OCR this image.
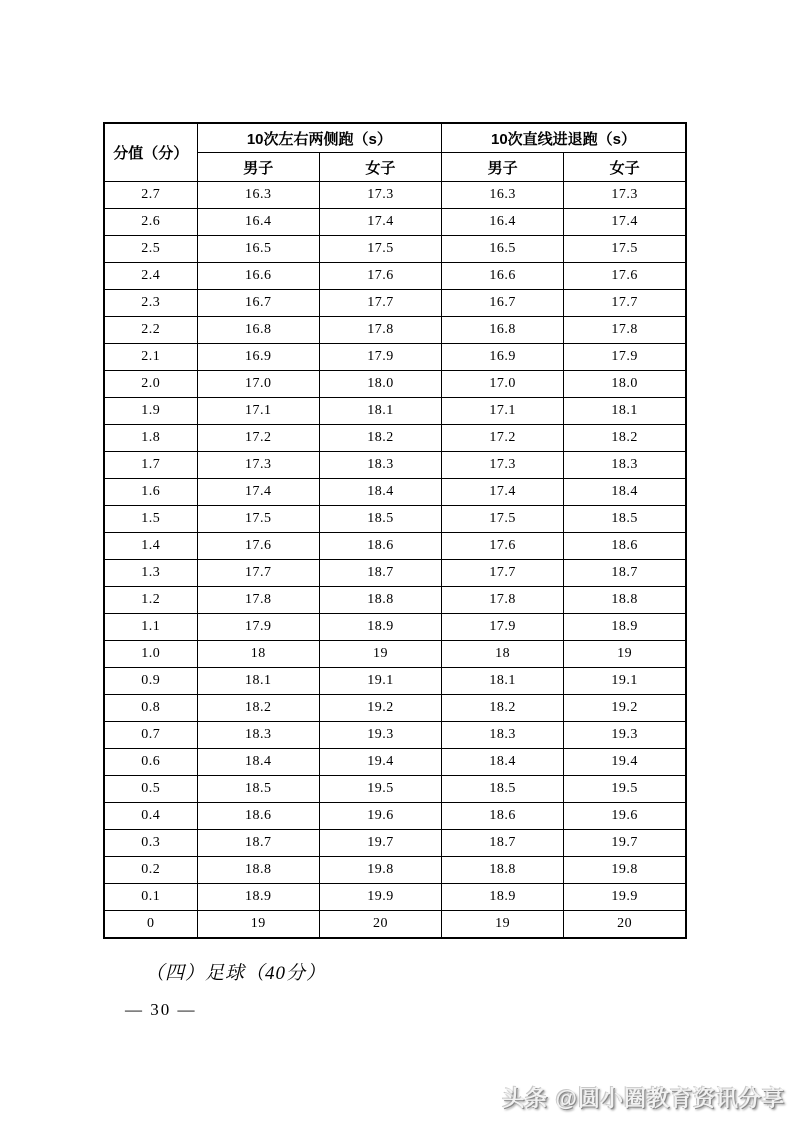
分值（分）	10次左右两侧跑（s）		10次直线进退跑（s）	
	男子	女子	男子	女子
2.7	16.3	17.3	16.3	17.3
2.6	16.4	17.4	16.4	17.4
2.5	16.5	17.5	16.5	17.5
2.4	16.6	17.6	16.6	17.6
2.3	16.7	17.7	16.7	17.7
2.2	16.8	17.8	16.8	17.8
2.1	16.9	17.9	16.9	17.9
2.0	17.0	18.0	17.0	18.0
1.9	17.1	18.1	17.1	18.1
1.8	17.2	18.2	17.2	18.2
1.7	17.3	18.3	17.3	18.3
1.6	17.4	18.4	17.4	18.4
1.5	17.5	18.5	17.5	18.5
1.4	17.6	18.6	17.6	18.6
1.3	17.7	18.7	17.7	18.7
1.2	17.8	18.8	17.8	18.8
1.1	17.9	18.9	17.9	18.9
1.0	18	19	18	19
0.9	18.1	19.1	18.1	19.1
0.8	18.2	19.2	18.2	19.2
0.7	18.3	19.3	18.3	19.3
0.6	18.4	19.4	18.4	19.4
0.5	18.5	19.5	18.5	19.5
0.4	18.6	19.6	18.6	19.6
0.3	18.7	19.7	18.7	19.7
0.2	18.8	19.8	18.8	19.8
0.1	18.9	19.9	18.9	19.9
0	19	20	19	20
（四）足球（40分）
— 30 —
头条 @圆小圈教育资讯分享
